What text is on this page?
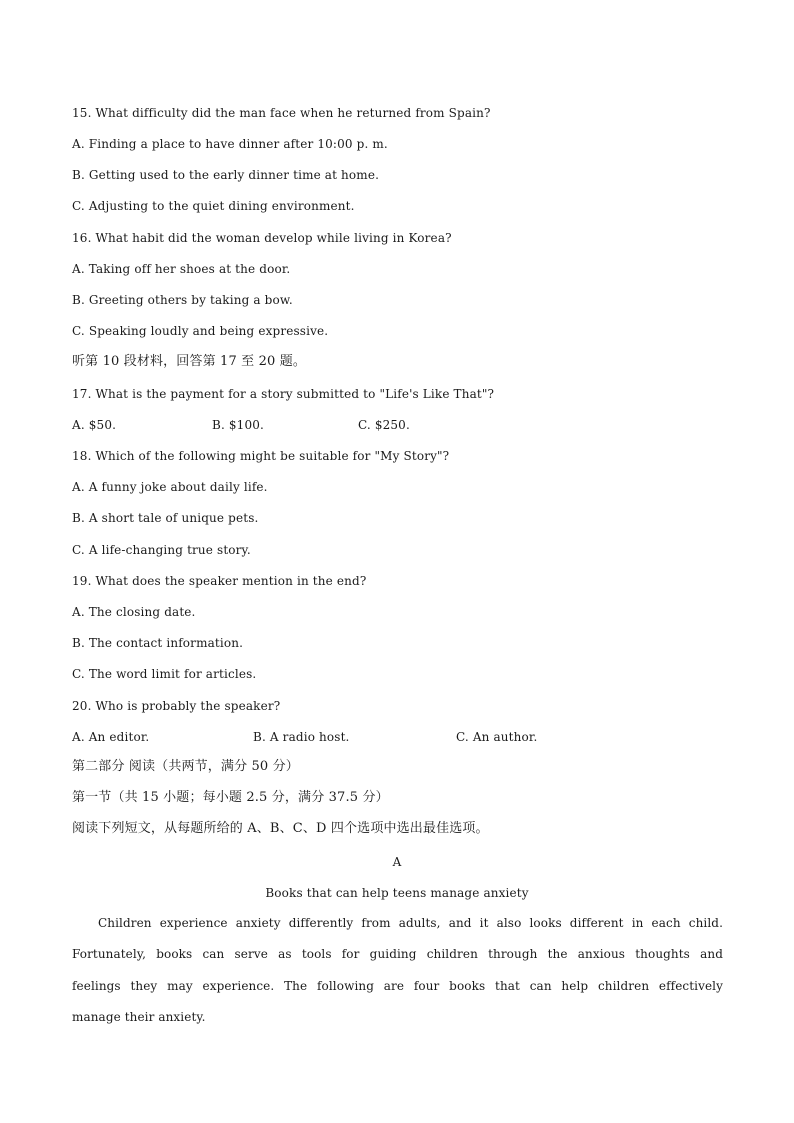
15. What difficulty did the man face when he returned from Spain?

A. Finding a place to have dinner after 10:00 p. m.

B. Getting used to the early dinner time at home.

C. Adjusting to the quiet dining environment.

16. What habit did the woman develop while living in Korea?

A. Taking off her shoes at the door.

B. Greeting others by taking a bow.

C. Speaking loudly and being expressive.

听第 10 段材料，回答第 17 至 20 题。

17. What is the payment for a story submitted to "Life's Like That"?

A. $50.	B. $100.	C. $250.

18. Which of the following might be suitable for "My Story"?

A. A funny joke about daily life.

B. A short tale of unique pets.

C. A life-changing true story.

19. What does the speaker mention in the end?

A. The closing date.

B. The contact information.

C. The word limit for articles.

20. Who is probably the speaker?

A. An editor.	B. A radio host.	C. An author.

第二部分 阅读（共两节，满分 50 分）

第一节（共 15 小题；每小题 2.5 分，满分 37.5 分）

阅读下列短文，从每题所给的 A、B、C、D 四个选项中选出最佳选项。

A

Books that can help teens manage anxiety

Children experience anxiety differently from adults, and it also looks different in each child.
Fortunately, books can serve as tools for guiding children through the anxious thoughts and
feelings they may experience. The following are four books that can help children effectively
manage their anxiety.
